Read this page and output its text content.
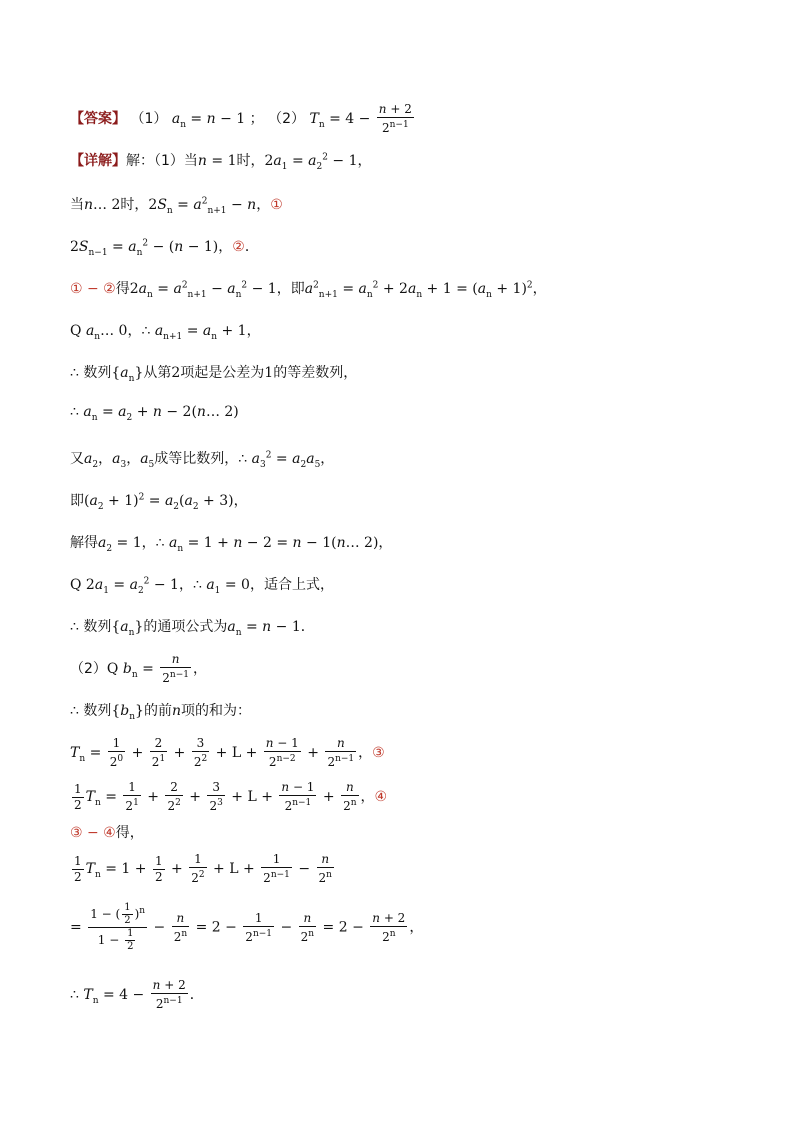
【答案】 （1） $a_n = n - 1$ ； （2） $T_n = 4 - \frac{n + 2}{2^{n-1}}$
【详解】解：（1）当n = 1时，$2a_1 = a_2^2 - 1$，
当n… 2时，$2S_n = a^2_{n+1} - n$，①
$2S_{n-1} = a_n^2 - (n - 1)$，②．
① − ②得$2a_n = a^2_{n+1} - a_n^2 - 1$，即$a^2_{n+1} = a_n^2 + 2a_n + 1 = (a_n + 1)^2$，
Q $a_n\dots$ 0，∴ $a_{n+1} = a_n + 1$，
∴ 数列$\{a_n\}$从第2项起是公差为1的等差数列，
∴ $a_n = a_2 + n$ − 2(n… 2)
又$a_2$，$a_3$，$a_5$成等比数列，∴ $a_3^2 = a_2a_5$，
即$(a_2 + 1)^2 = a_2(a_2 + 3)$，
解得$a_2 = 1$，∴ $a_n = 1 + n - 2 = n$ − 1(n… 2)，
Q $2a_1 = a_2^2 - 1$，∴ $a_1 = 0$，适合上式，
∴ 数列$\{a_n\}$的通项公式为$a_n = n - 1$．
（2）Q $b_n = \frac{n}{2^{n-1}}$ ，
∴ 数列$\{b_n\}$的前n项的和为：
$T_n = \frac{1}{2^0} + \frac{2}{2^1} + \frac{3}{2^2} + L + \frac{n - 1}{2^{n-2}} + \frac{n}{2^{n-1}}$ ，③
$\frac{1}{2} T_n = \frac{1}{2^1} + \frac{2}{2^2} + \frac{3}{2^3} + L + \frac{n - 1}{2^{n-1}} + \frac{n}{2^n}$ ，④
③ − ④得，
$\frac{1}{2} T_n = 1 + \frac{1}{2} + \frac{1}{2^2} + L + \frac{1}{2^{n-1}} - \frac{n}{2^n}$
= $\frac{1 - ( \frac{1}{2} )^n}{1 - \frac{1}{2}} - \frac{n}{2^n} = 2 - \frac{1}{2^{n-1}} - \frac{n}{2^n} = 2 - \frac{n + 2}{2^n}$ ，
∴ $T_n = 4 - \frac{n + 2}{2^{n-1}}$ ．
